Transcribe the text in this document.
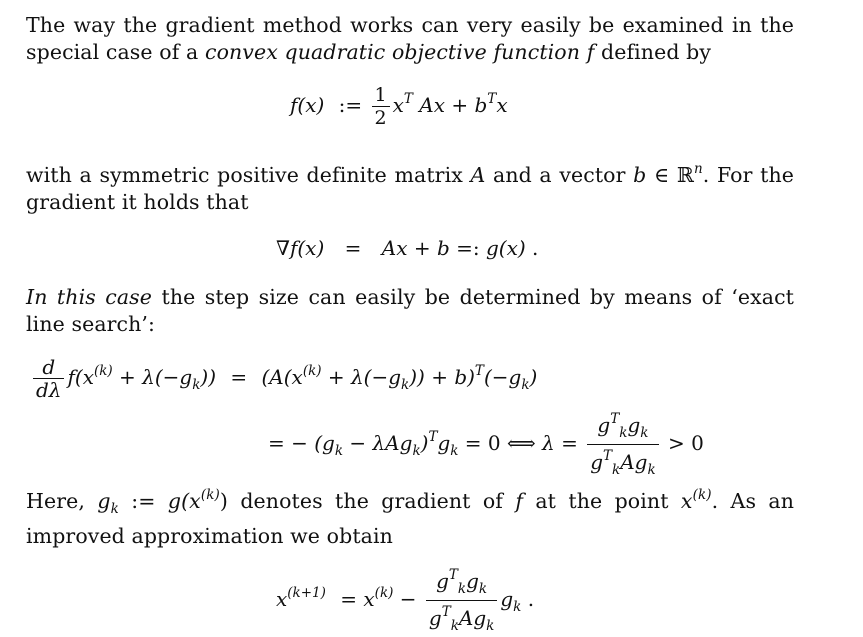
The way the gradient method works can very easily be examined in the special case of a convex quadratic objective function f defined by
f(x) := $\frac{1}{2} x^T$ $Ax + b^Tx$
with a symmetric positive definite matrix A and a vector b ∈ ℝ$^n$. For the gradient it holds that
∇f(x) = Ax + b =: g(x) .
In this case the step size can easily be determined by means of ‘exact line search’:
$\frac{d}{d\lambda} f(x^{(k)} + \lambda(-g_k)) = (A(x^{(k)} + \lambda(-g_k)) + b)^T(-g_k)$
= − $(g_k - \lambda Ag_k)^Tg_k = 0$ ⟺ $\lambda = \frac{g^T_kg_k}{g^T_kAg_k} > 0$
Here, $g_k$ := $g(x^{(k)})$ denotes the gradient of f at the point $x^{(k)}$. As an improved approximation we obtain
$x^{(k+1)} = x^{(k)} - \frac{g^T_kg_k}{g^T_kAg_k} g_k$ .
